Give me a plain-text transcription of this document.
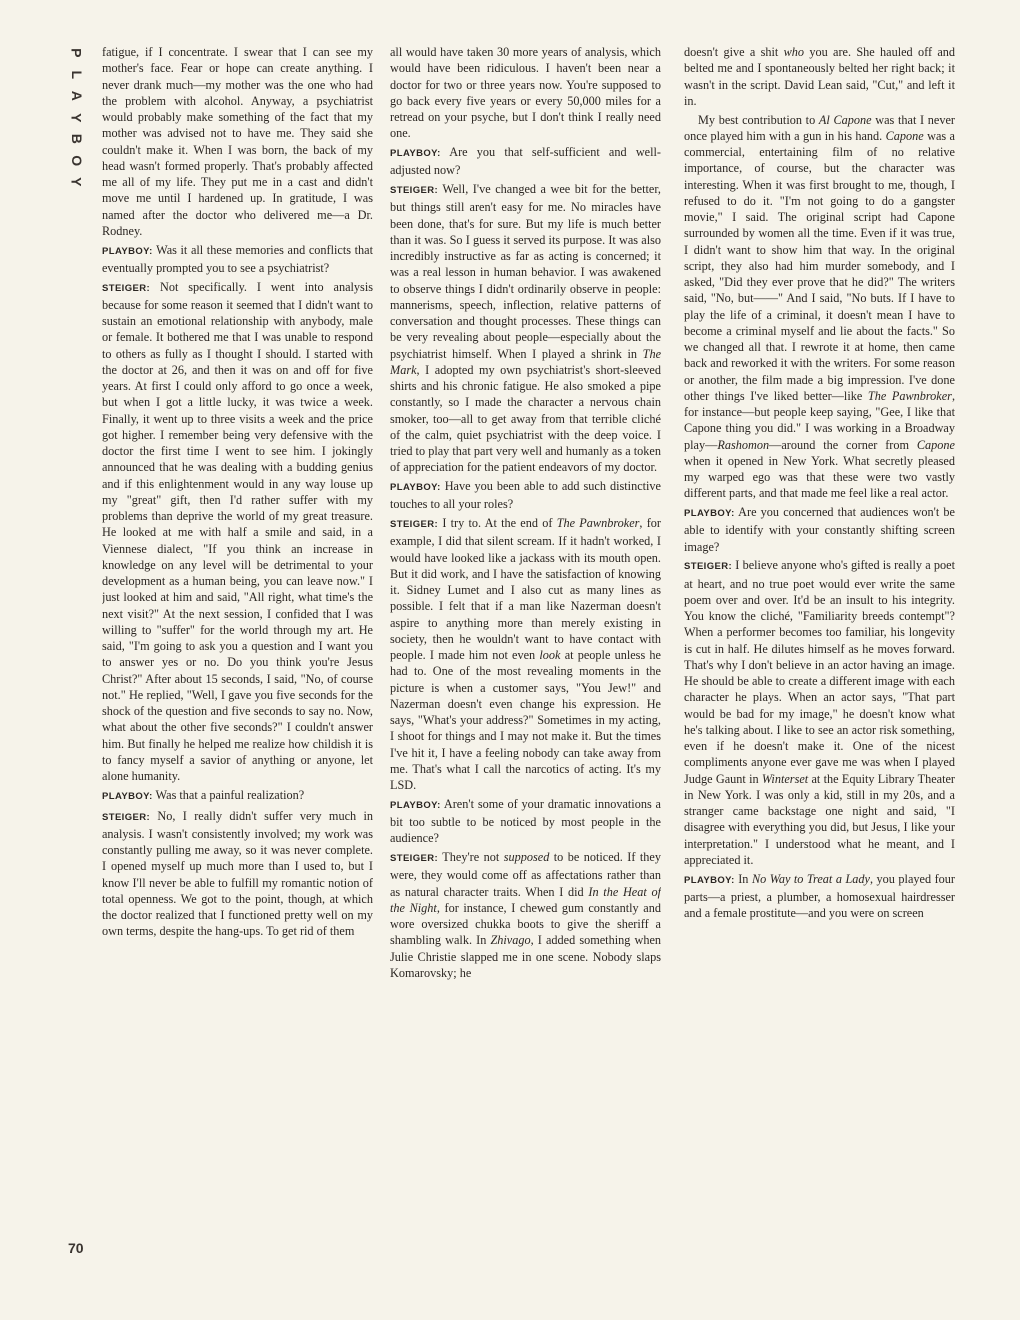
P
L
A
Y
B
O
Y

fatigue, if I concentrate. I swear that I can see my mother's face. Fear or hope can create anything. I never drank much—my mother was the one who had the problem with alcohol. Anyway, a psychiatrist would probably make something of the fact that my mother was advised not to have me. They said she couldn't make it. When I was born, the back of my head wasn't formed properly. That's probably affected me all of my life. They put me in a cast and didn't move me until I hardened up. In gratitude, I was named after the doctor who delivered me—a Dr. Rodney.

PLAYBOY: Was it all these memories and conflicts that eventually prompted you to see a psychiatrist?

STEIGER: Not specifically. I went into analysis because for some reason it seemed that I didn't want to sustain an emotional relationship with anybody, male or female. It bothered me that I was unable to respond to others as fully as I thought I should. I started with the doctor at 26, and then it was on and off for five years. At first I could only afford to go once a week, but when I got a little lucky, it was twice a week. Finally, it went up to three visits a week and the price got higher. I remember being very defensive with the doctor the first time I went to see him. I jokingly announced that he was dealing with a budding genius and if this enlightenment would in any way louse up my "great" gift, then I'd rather suffer with my problems than deprive the world of my great treasure. He looked at me with half a smile and said, in a Viennese dialect, "If you think an increase in knowledge on any level will be detrimental to your development as a human being, you can leave now." I just looked at him and said, "All right, what time's the next visit?" At the next session, I confided that I was willing to "suffer" for the world through my art. He said, "I'm going to ask you a question and I want you to answer yes or no. Do you think you're Jesus Christ?" After about 15 seconds, I said, "No, of course not." He replied, "Well, I gave you five seconds for the shock of the question and five seconds to say no. Now, what about the other five seconds?" I couldn't answer him. But finally he helped me realize how childish it is to fancy myself a savior of anything or anyone, let alone humanity.

PLAYBOY: Was that a painful realization?

STEIGER: No, I really didn't suffer very much in analysis. I wasn't consistently involved; my work was constantly pulling me away, so it was never complete. I opened myself up much more than I used to, but I know I'll never be able to fulfill my romantic notion of total openness. We got to the point, though, at which the doctor realized that I functioned pretty well on my own terms, despite the hang-ups. To get rid of them

all would have taken 30 more years of analysis, which would have been ridiculous. I haven't been near a doctor for two or three years now. You're supposed to go back every five years or every 50,000 miles for a retread on your psyche, but I don't think I really need one.

PLAYBOY: Are you that self-sufficient and well-adjusted now?

STEIGER: Well, I've changed a wee bit for the better, but things still aren't easy for me. No miracles have been done, that's for sure. But my life is much better than it was. So I guess it served its purpose. It was also incredibly instructive as far as acting is concerned; it was a real lesson in human behavior. I was awakened to observe things I didn't ordinarily observe in people: mannerisms, speech, inflection, relative patterns of conversation and thought processes. These things can be very revealing about people—especially about the psychiatrist himself. When I played a shrink in The Mark, I adopted my own psychiatrist's short-sleeved shirts and his chronic fatigue. He also smoked a pipe constantly, so I made the character a nervous chain smoker, too—all to get away from that terrible cliché of the calm, quiet psychiatrist with the deep voice. I tried to play that part very well and humanly as a token of appreciation for the patient endeavors of my doctor.

PLAYBOY: Have you been able to add such distinctive touches to all your roles?

STEIGER: I try to. At the end of The Pawnbroker, for example, I did that silent scream. If it hadn't worked, I would have looked like a jackass with its mouth open. But it did work, and I have the satisfaction of knowing it. Sidney Lumet and I also cut as many lines as possible. I felt that if a man like Nazerman doesn't aspire to anything more than merely existing in society, then he wouldn't want to have contact with people. I made him not even look at people unless he had to. One of the most revealing moments in the picture is when a customer says, "You Jew!" and Nazerman doesn't even change his expression. He says, "What's your address?" Sometimes in my acting, I shoot for things and I may not make it. But the times I've hit it, I have a feeling nobody can take away from me. That's what I call the narcotics of acting. It's my LSD.

PLAYBOY: Aren't some of your dramatic innovations a bit too subtle to be noticed by most people in the audience?

STEIGER: They're not supposed to be noticed. If they were, they would come off as affectations rather than as natural character traits. When I did In the Heat of the Night, for instance, I chewed gum constantly and wore oversized chukka boots to give the sheriff a shambling walk. In Zhivago, I added something when Julie Christie slapped me in one scene. Nobody slaps Komarovsky; he

doesn't give a shit who you are. She hauled off and belted me and I spontaneously belted her right back; it wasn't in the script. David Lean said, "Cut," and left it in.

My best contribution to Al Capone was that I never once played him with a gun in his hand. Capone was a commercial, entertaining film of no relative importance, of course, but the character was interesting. When it was first brought to me, though, I refused to do it. "I'm not going to do a gangster movie," I said. The original script had Capone surrounded by women all the time. Even if it was true, I didn't want to show him that way. In the original script, they also had him murder somebody, and I asked, "Did they ever prove that he did?" The writers said, "No, but——" And I said, "No buts. If I have to play the life of a criminal, it doesn't mean I have to become a criminal myself and lie about the facts." So we changed all that. I rewrote it at home, then came back and reworked it with the writers. For some reason or another, the film made a big impression. I've done other things I've liked better—like The Pawnbroker, for instance—but people keep saying, "Gee, I like that Capone thing you did." I was working in a Broadway play—Rashomon—around the corner from Capone when it opened in New York. What secretly pleased my warped ego was that these were two vastly different parts, and that made me feel like a real actor.

PLAYBOY: Are you concerned that audiences won't be able to identify with your constantly shifting screen image?

STEIGER: I believe anyone who's gifted is really a poet at heart, and no true poet would ever write the same poem over and over. It'd be an insult to his integrity. You know the cliché, "Familiarity breeds contempt"? When a performer becomes too familiar, his longevity is cut in half. He dilutes himself as he moves forward. That's why I don't believe in an actor having an image. He should be able to create a different image with each character he plays. When an actor says, "That part would be bad for my image," he doesn't know what he's talking about. I like to see an actor risk something, even if he doesn't make it. One of the nicest compliments anyone ever gave me was when I played Judge Gaunt in Winterset at the Equity Library Theater in New York. I was only a kid, still in my 20s, and a stranger came backstage one night and said, "I disagree with everything you did, but Jesus, I like your interpretation." I understood what he meant, and I appreciated it.

PLAYBOY: In No Way to Treat a Lady, you played four parts—a priest, a plumber, a homosexual hairdresser and a female prostitute—and you were on screen

70
